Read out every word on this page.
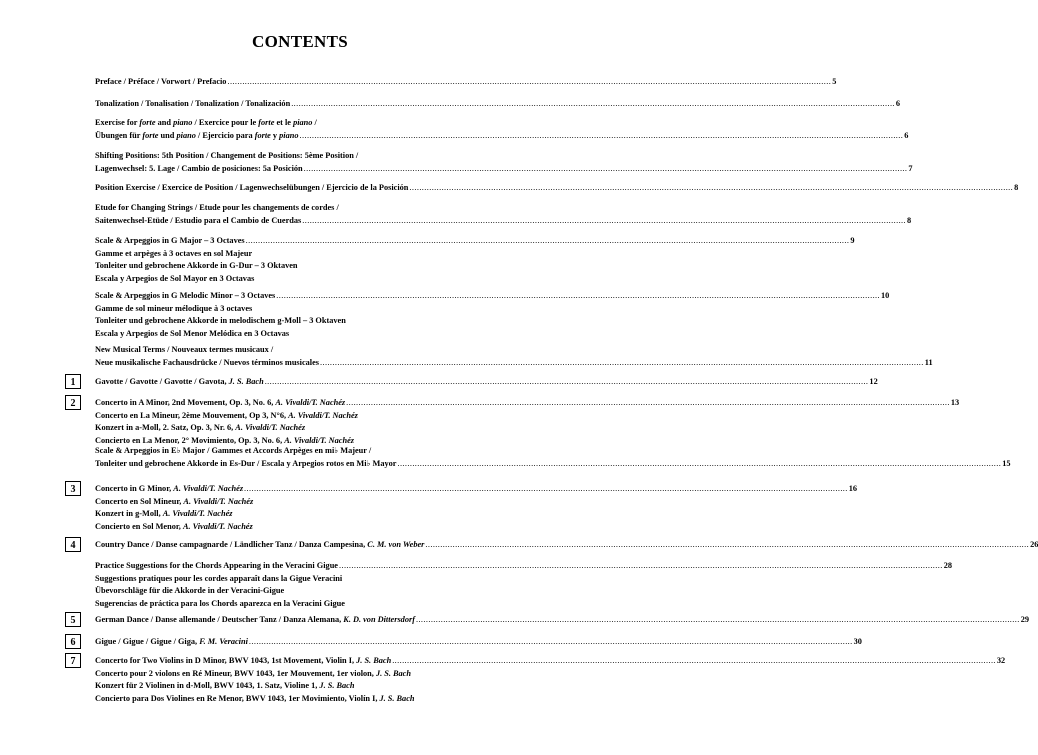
CONTENTS
Preface / Préface / Vorwort / Prefacio .....	5
Tonalization / Tonalisation / Tonalization / Tonalización .....	6
Exercise for forte and piano / Exercice pour le forte et le piano /
Übungen für forte und piano / Ejercicio para forte y piano .....	6
Shifting Positions: 5th Position / Changement de Positions: 5ème Position /
Lagenwechsel: 5. Lage / Cambio de posiciones: 5a Posición .....	7
Position Exercise / Exercice de Position / Lagenwechselübungen / Ejercicio de la Posición .....	8
Etude for Changing Strings / Etude pour les changements de cordes /
Saitenwechsel-Etüde / Estudio para el Cambio de Cuerdas .....	8
Scale & Arpeggios in G Major – 3 Octaves .....	9
Gamme et arpèges à 3 octaves en sol Majeur
Tonleiter und gebrochene Akkorde in G-Dur – 3 Oktaven
Escala y Arpegios de Sol Mayor en 3 Octavas
Scale & Arpeggios in G Melodic Minor – 3 Octaves .....	10
Gamme de sol mineur mélodique à 3 octaves
Tonleiter und gebrochene Akkorde in melodischem g-Moll – 3 Oktaven
Escala y Arpegios de Sol Menor Melódica en 3 Octavas
New Musical Terms / Nouveaux termes musicaux /
Neue musikalische Fachausdrücke / Nuevos términos musicales .....	11
1	Gavotte / Gavotte / Gavotte / Gavota, J. S. Bach .....	12
2	Concerto in A Minor, 2nd Movement, Op. 3, No. 6, A. Vivaldi/T. Nachéz .....	13
Concerto en La Mineur, 2ème Mouvement, Op 3, N°6, A. Vivaldi/T. Nachéz
Konzert in a-Moll, 2. Satz, Op. 3, Nr. 6, A. Vivaldi/T. Nachéz
Concierto en La Menor, 2° Movimiento, Op. 3, No. 6, A. Vivaldi/T. Nachéz
Scale & Arpeggios in E♭ Major / Gammes et Accords Arpèges en mi♭ Majeur /
Tonleiter und gebrochene Akkorde in Es-Dur / Escala y Arpegios rotos en Mi♭ Mayor .....	15
3	Concerto in G Minor, A. Vivaldi/T. Nachéz .....	16
Concerto en Sol Mineur, A. Vivaldi/T. Nachéz
Konzert in g-Moll, A. Vivaldi/T. Nachéz
Concierto en Sol Menor, A. Vivaldi/T. Nachéz
4	Country Dance / Danse campagnarde / Ländlicher Tanz / Danza Campesina, C. M. von Weber .....	26
Practice Suggestions for the Chords Appearing in the Veracini Gigue .....	28
Suggestions pratiques pour les cordes apparaît dans la Gigue Veracini
Übevorschläge für die Akkorde in der Veracini-Gigue
Sugerencias de práctica para los Chords aparezca en la Veracini Gigue
5	German Dance / Danse allemande / Deutscher Tanz / Danza Alemana, K. D. von Dittersdorf .....	29
6	Gigue / Gigue / Gigue / Giga, F. M. Veracini .....	30
7	Concerto for Two Violins in D Minor, BWV 1043, 1st Movement, Violin I, J. S. Bach .....	32
Concerto pour 2 violons en Ré Mineur, BWV 1043, 1er Mouvement, 1er violon, J. S. Bach
Konzert für 2 Violinen in d-Moll, BWV 1043, 1. Satz, Violine 1, J. S. Bach
Concierto para Dos Violines en Re Menor, BWV 1043, 1er Movimiento, Violín I, J. S. Bach
